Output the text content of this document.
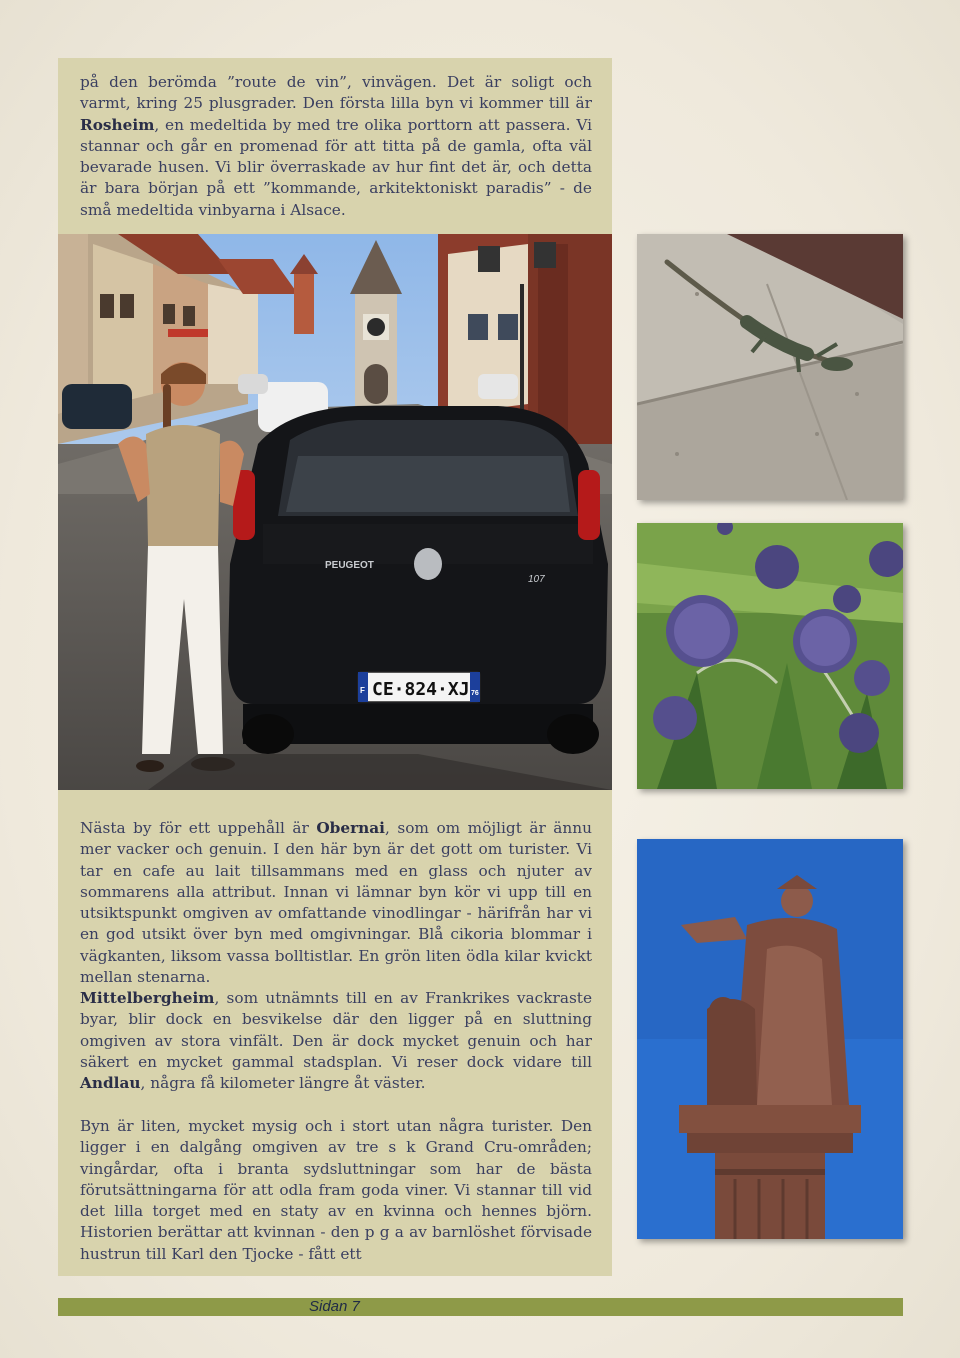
på den berömda ”route de vin”, vinvägen. Det är soligt och varmt, kring 25 plusgrader. Den första lilla byn vi kommer till är Rosheim, en medeltida by med tre olika porttorn att passera. Vi stannar och går en promenad för att titta på de gamla, ofta väl bevarade husen. Vi blir överraskade av hur fint det är, och detta är bara början på ett ”kommande, arkitektoniskt paradis” - de små medeltida vinbyarna i Alsace.

PEUGEOT
107
F CE·824·XJ 76

Nästa by för ett uppehåll är Obernai, som om möjligt är ännu mer vacker och genuin. I den här byn är det gott om turister. Vi tar en cafe au lait tillsammans med en glass och njuter av sommarens alla attribut. Innan vi lämnar byn kör vi upp till en utsiktspunkt omgiven av omfattande vinodlingar - härifrån har vi en god utsikt över byn med omgivningar. Blå cikoria blommar i vägkanten, liksom vassa bolltistlar. En grön liten ödla kilar kvickt mellan stenarna.

Mittelbergheim, som utnämnts till en av Frankrikes vackraste byar, blir dock en besvikelse där den ligger på en sluttning omgiven av stora vinfält. Den är dock mycket genuin och har säkert en mycket gammal stadsplan. Vi reser dock vidare till Andlau, några få kilometer längre åt väster.

Byn är liten, mycket mysig och i stort utan några turister. Den ligger i en dalgång omgiven av tre s k Grand Cru-områden; vingårdar, ofta i branta sydsluttningar som har de bästa förutsättningarna för att odla fram goda viner. Vi stannar till vid det lilla torget med en staty av en kvinna och hennes björn. Historien berättar att kvinnan - den p g a av barnlöshet förvisade hustrun till Karl den Tjocke - fått ett

Sidan 7
